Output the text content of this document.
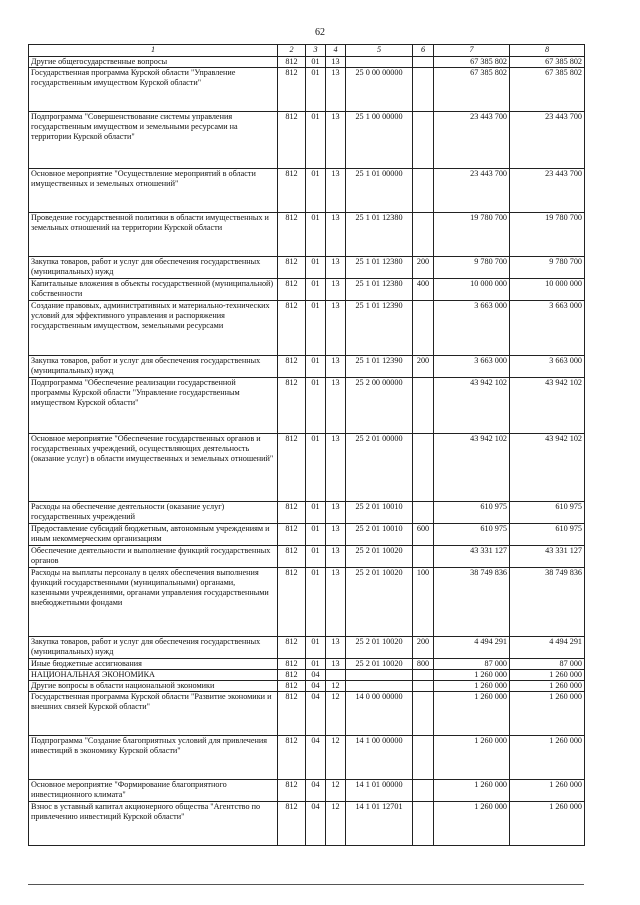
62
1	2	3	4	5	6	7	8
Другие общегосударственные вопросы	812	01	13			67 385 802	67 385 802
Государственная программа Курской области "Управление государственным имуществом Курской области"	812	01	13	25 0 00 00000		67 385 802	67 385 802
Подпрограмма "Совершенствование системы управления государственным имуществом и земельными ресурсами на территории Курской области"	812	01	13	25 1 00 00000		23 443 700	23 443 700
Основное мероприятие "Осуществление мероприятий в области имущественных и земельных отношений"	812	01	13	25 1 01 00000		23 443 700	23 443 700
Проведение государственной политики в области имущественных и земельных отношений на территории Курской области	812	01	13	25 1 01 12380		19 780 700	19 780 700
Закупка товаров, работ и услуг для обеспечения государственных (муниципальных) нужд	812	01	13	25 1 01 12380	200	9 780 700	9 780 700
Капитальные вложения в объекты государственной (муниципальной) собственности	812	01	13	25 1 01 12380	400	10 000 000	10 000 000
Создание правовых, административных и материально-технических условий для эффективного управления и распоряжения государственным имуществом, земельными ресурсами	812	01	13	25 1 01 12390		3 663 000	3 663 000
Закупка товаров, работ и услуг для обеспечения государственных (муниципальных) нужд	812	01	13	25 1 01 12390	200	3 663 000	3 663 000
Подпрограмма "Обеспечение реализации государственной программы Курской области "Управление государственным имуществом Курской области"	812	01	13	25 2 00 00000		43 942 102	43 942 102
Основное мероприятие "Обеспечение государственных органов и государственных учреждений, осуществляющих деятельность (оказание услуг) в области имущественных и земельных отношений"	812	01	13	25 2 01 00000		43 942 102	43 942 102
Расходы на обеспечение деятельности (оказание услуг) государственных учреждений	812	01	13	25 2 01 10010		610 975	610 975
Предоставление субсидий бюджетным, автономным учреждениям и иным некоммерческим организациям	812	01	13	25 2 01 10010	600	610 975	610 975
Обеспечение деятельности и выполнение функций государственных органов	812	01	13	25 2 01 10020		43 331 127	43 331 127
Расходы на выплаты персоналу в целях обеспечения выполнения функций государственными (муниципальными) органами, казенными учреждениями, органами управления государственными внебюджетными фондами	812	01	13	25 2 01 10020	100	38 749 836	38 749 836
Закупка товаров, работ и услуг для обеспечения государственных (муниципальных) нужд	812	01	13	25 2 01 10020	200	4 494 291	4 494 291
Иные бюджетные ассигнования	812	01	13	25 2 01 10020	800	87 000	87 000
НАЦИОНАЛЬНАЯ ЭКОНОМИКА	812	04				1 260 000	1 260 000
Другие вопросы в области национальной экономики	812	04	12			1 260 000	1 260 000
Государственная программа Курской области "Развитие экономики и внешних связей Курской области"	812	04	12	14 0 00 00000		1 260 000	1 260 000
Подпрограмма "Создание благоприятных условий для привлечения инвестиций в экономику Курской области"	812	04	12	14 1 00 00000		1 260 000	1 260 000
Основное мероприятие "Формирование благоприятного инвестиционного климата"	812	04	12	14 1 01 00000		1 260 000	1 260 000
Взнос в уставный капитал акционерного общества "Агентство по привлечению инвестиций Курской области"	812	04	12	14 1 01 12701		1 260 000	1 260 000
